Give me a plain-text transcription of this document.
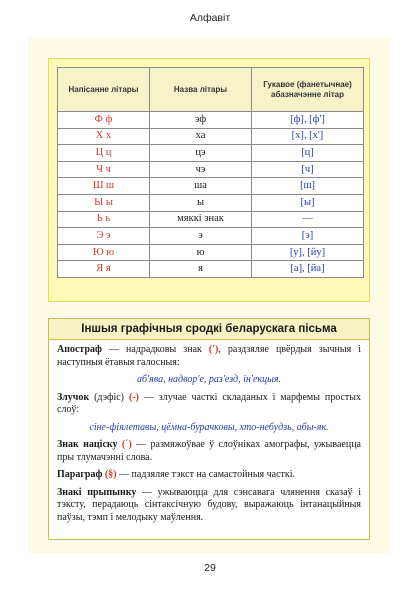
Алфавіт
Напісанне літары	Назва літары	Гукавое (фанетычнае) абазначэнне літар
Ф ф	эф	[ф], [ф']
Х х	ха	[х], [х']
Ц ц	цэ	[ц]
Ч ч	чэ	[ч]
Ш ш	ша	[ш]
Ы ы	ы	[ы]
Ь ь	мяккі знак	—
Э э	э	[э]
Ю ю	ю	[у], [йу]
Я я	я	[а], [йа]
Іншыя графічныя сродкі беларускага пісьма

Апостраф — надрадковы знак ('), раздзяляе цвёрдыя зычныя і наступныя ётавыя галосныя:

аб'ява, надвор'е, раз'езд, ін'екцыя.

Злучок (дэфіс) (-) — злучае часткі складаных і марфемы простых слоў:

сіне-фіялетавы, цёмна-бурачковы, хто-небудзь, абы-як.

Знак націску (´) — размяжоўвае ў слоўніках амографы, ужываецца пры тлумачэнні слова.

Параграф (§) — падзяляе тэкст на самастойныя часткі.

Знакі прыпынку — ужываюцца для сэнсавага члянення сказаў і тэксту, перадаюць сінтаксічную будову, выражаюць інтанацыйныя паўзы, тэмп і мелодыку маўлення.

29
